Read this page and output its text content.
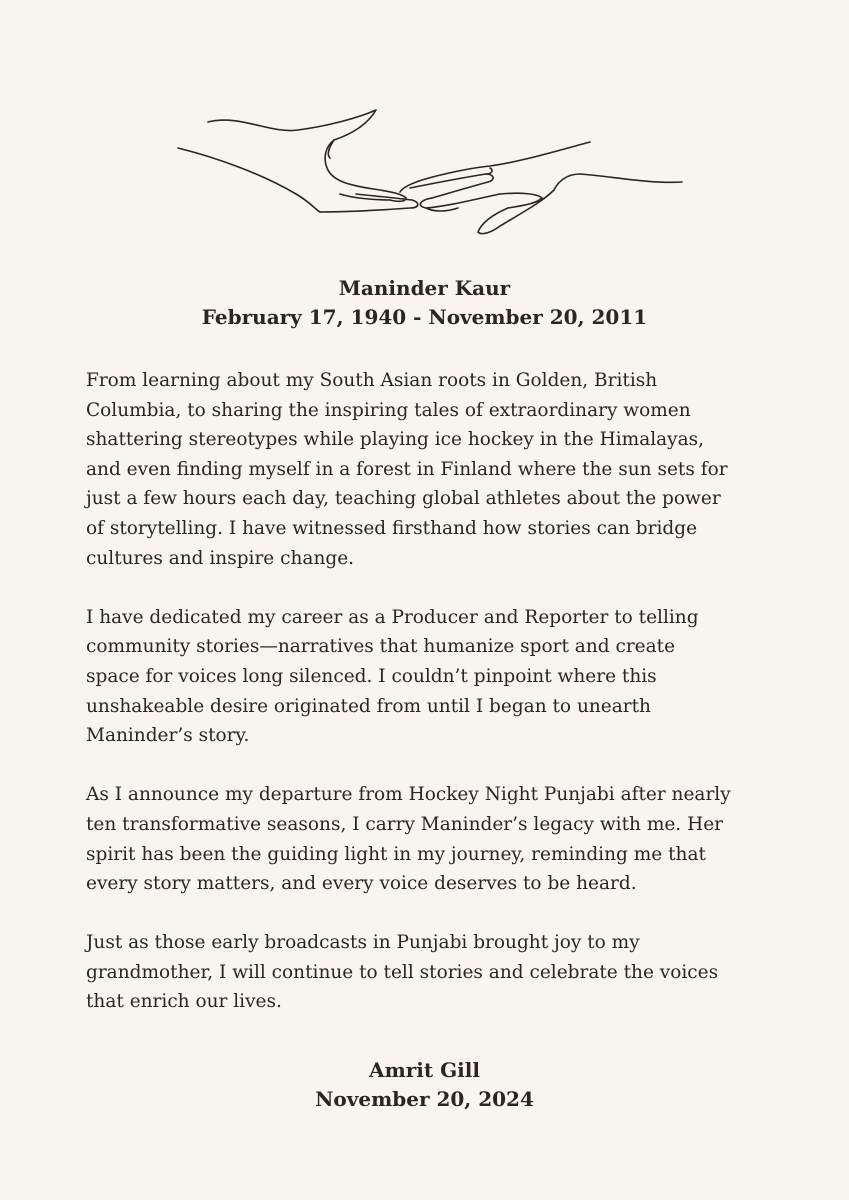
Maninder Kaur
February 17, 1940 - November 20, 2011

From learning about my South Asian roots in Golden, British
Columbia, to sharing the inspiring tales of extraordinary women
shattering stereotypes while playing ice hockey in the Himalayas,
and even finding myself in a forest in Finland where the sun sets for
just a few hours each day, teaching global athletes about the power
of storytelling. I have witnessed firsthand how stories can bridge
cultures and inspire change.

I have dedicated my career as a Producer and Reporter to telling
community stories—narratives that humanize sport and create
space for voices long silenced. I couldn’t pinpoint where this
unshakeable desire originated from until I began to unearth
Maninder’s story.

As I announce my departure from Hockey Night Punjabi after nearly
ten transformative seasons, I carry Maninder’s legacy with me. Her
spirit has been the guiding light in my journey, reminding me that
every story matters, and every voice deserves to be heard.

Just as those early broadcasts in Punjabi brought joy to my
grandmother, I will continue to tell stories and celebrate the voices
that enrich our lives.

Amrit Gill
November 20, 2024
